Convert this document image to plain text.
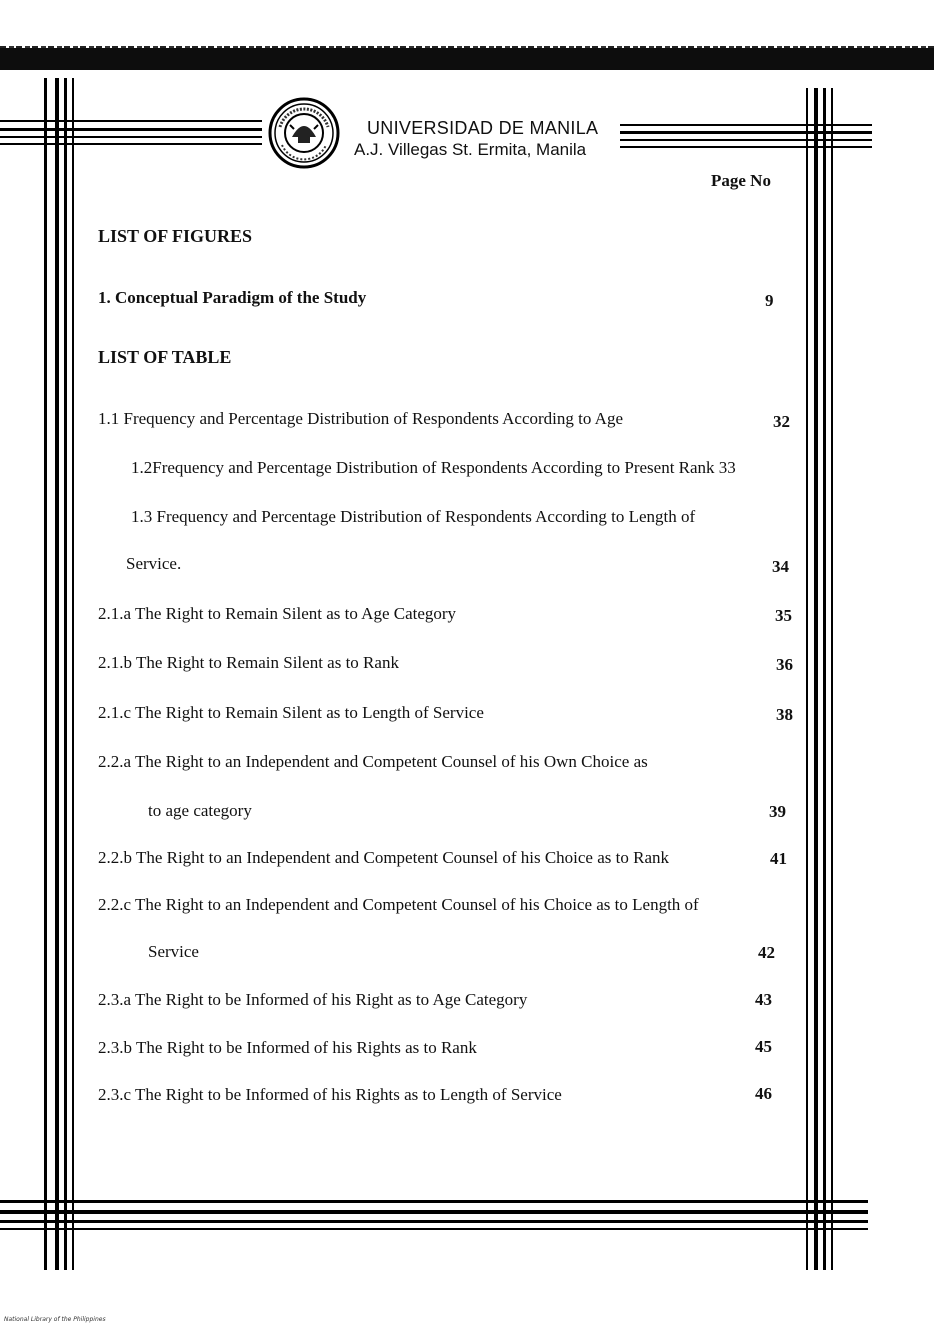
UNIVERSIDAD DE MANILA
A.J. Villegas St. Ermita, Manila
Page No
LIST OF FIGURES
1. Conceptual Paradigm of the Study	9
LIST OF TABLE
1.1 Frequency and Percentage Distribution of Respondents According to Age	32
1.2Frequency and Percentage Distribution of Respondents According to Present Rank 33
1.3 Frequency and Percentage Distribution of Respondents According to Length of
Service.	34
2.1.a The Right to Remain Silent as to Age Category	35
2.1.b The Right to Remain Silent as to Rank	36
2.1.c The Right to Remain Silent as to Length of Service	38
2.2.a The Right to an Independent and Competent Counsel of his Own Choice as
to age category	39
2.2.b The Right to an Independent and Competent Counsel of his Choice as to Rank	41
2.2.c The Right to an Independent and Competent Counsel of his Choice as to Length of
Service	42
2.3.a The Right to be Informed of his Right as to Age Category	43
2.3.b The Right to be Informed of his Rights as to Rank	45
2.3.c The Right to be Informed of his Rights as to Length of Service	46
National Library of the Philippines
